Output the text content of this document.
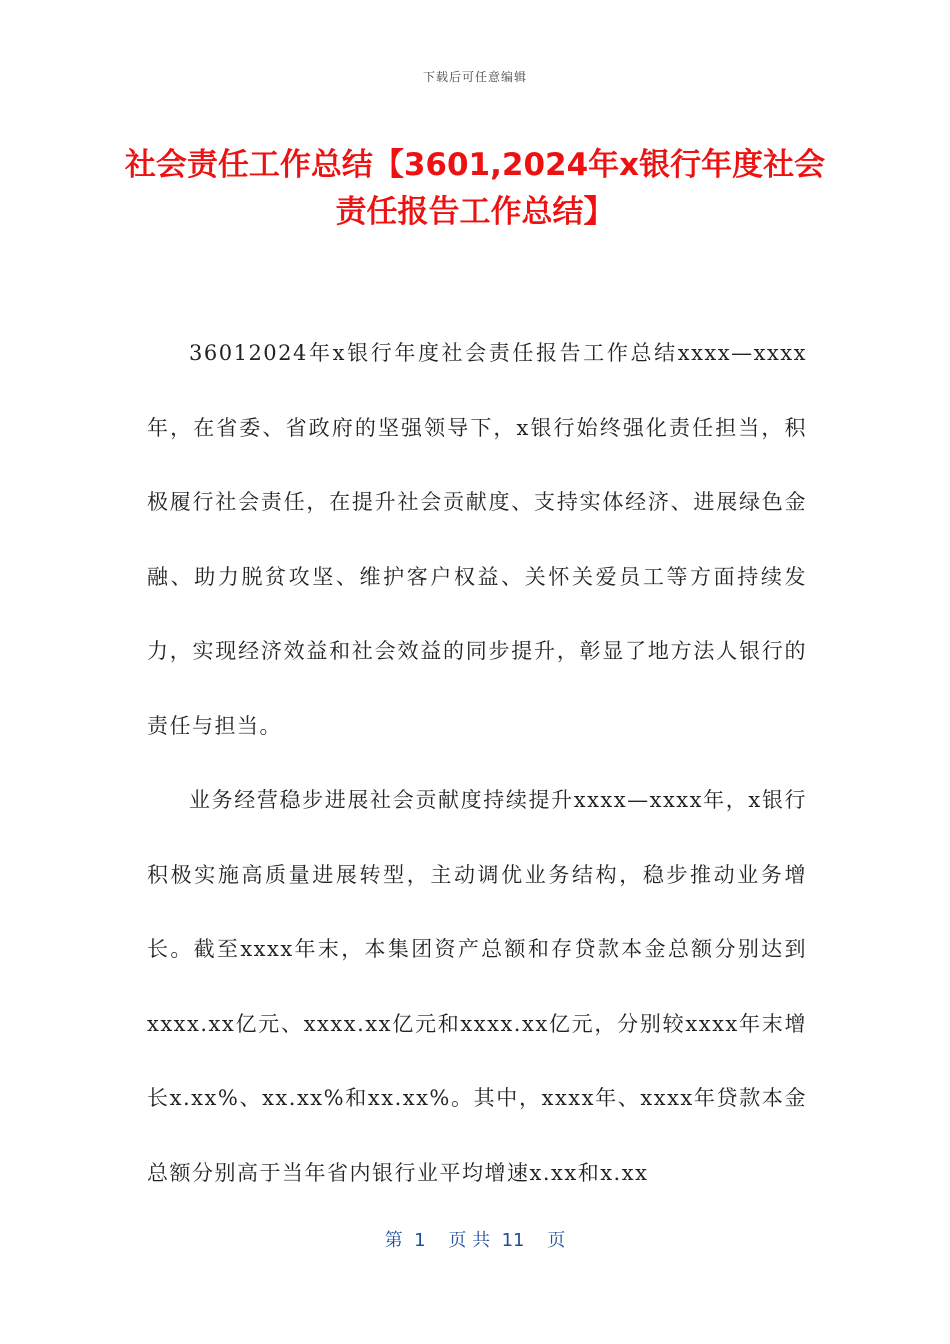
下载后可任意编辑
社会责任工作总结【3601,2024年x银行年度社会责任报告工作总结】

36012024年x银行年度社会责任报告工作总结xxxx—xxxx年，在省委、省政府的坚强领导下，x银行始终强化责任担当，积极履行社会责任，在提升社会贡献度、支持实体经济、进展绿色金融、助力脱贫攻坚、维护客户权益、关怀关爱员工等方面持续发力，实现经济效益和社会效益的同步提升，彰显了地方法人银行的责任与担当。

业务经营稳步进展社会贡献度持续提升xxxx—xxxx年，x银行积极实施高质量进展转型，主动调优业务结构，稳步推动业务增长。截至xxxx年末，本集团资产总额和存贷款本金总额分别达到xxxx.xx亿元、xxxx.xx亿元和xxxx.xx亿元，分别较xxxx年末增长x.xx%、xx.xx%和xx.xx%。其中，xxxx年、xxxx年贷款本金总额分别高于当年省内银行业平均增速x.xx和x.xx

第  1    页 共  11    页
